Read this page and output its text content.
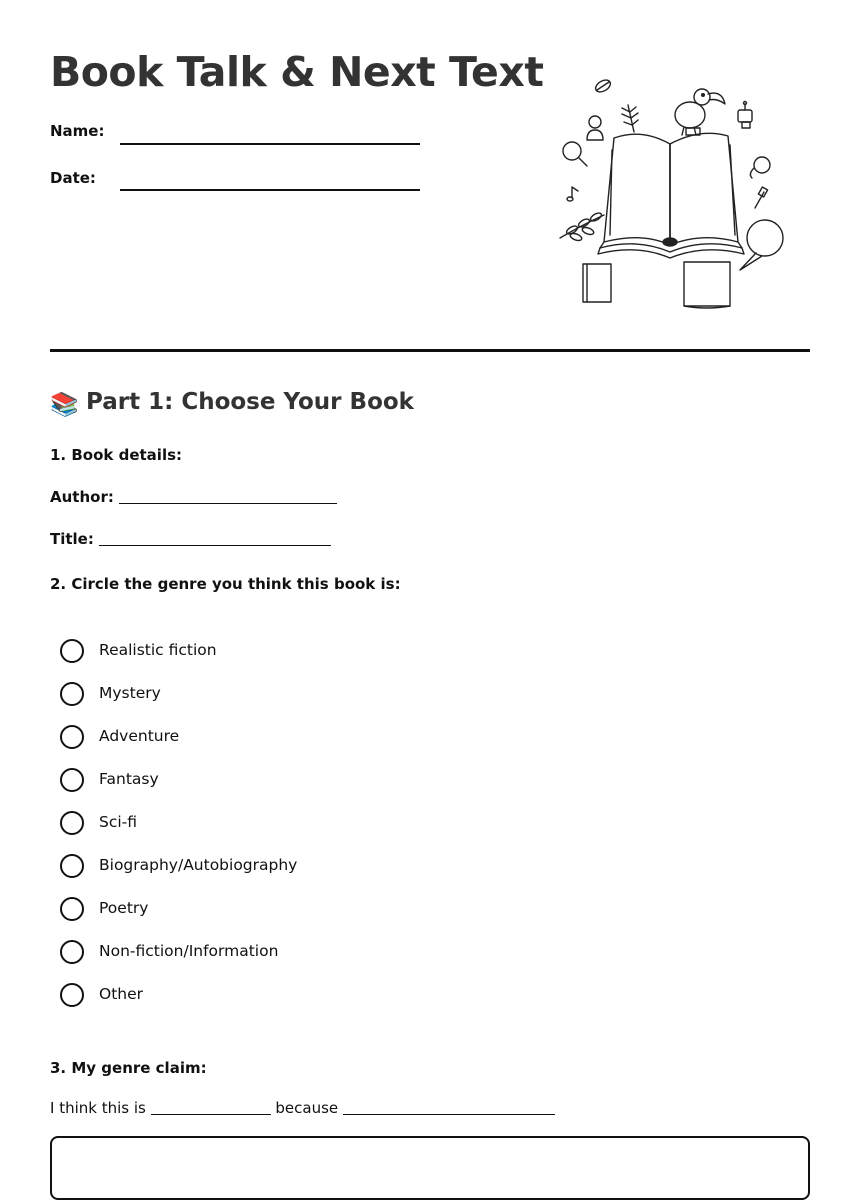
Book Talk & Next Text
Name:
Date:
📚 Part 1: Choose Your Book
1. Book details:
Author:
Title:
2. Circle the genre you think this book is:
Realistic fiction
Mystery
Adventure
Fantasy
Sci-fi
Biography/Autobiography
Poetry
Non-fiction/Information
Other
3. My genre claim:
I think this is	because
